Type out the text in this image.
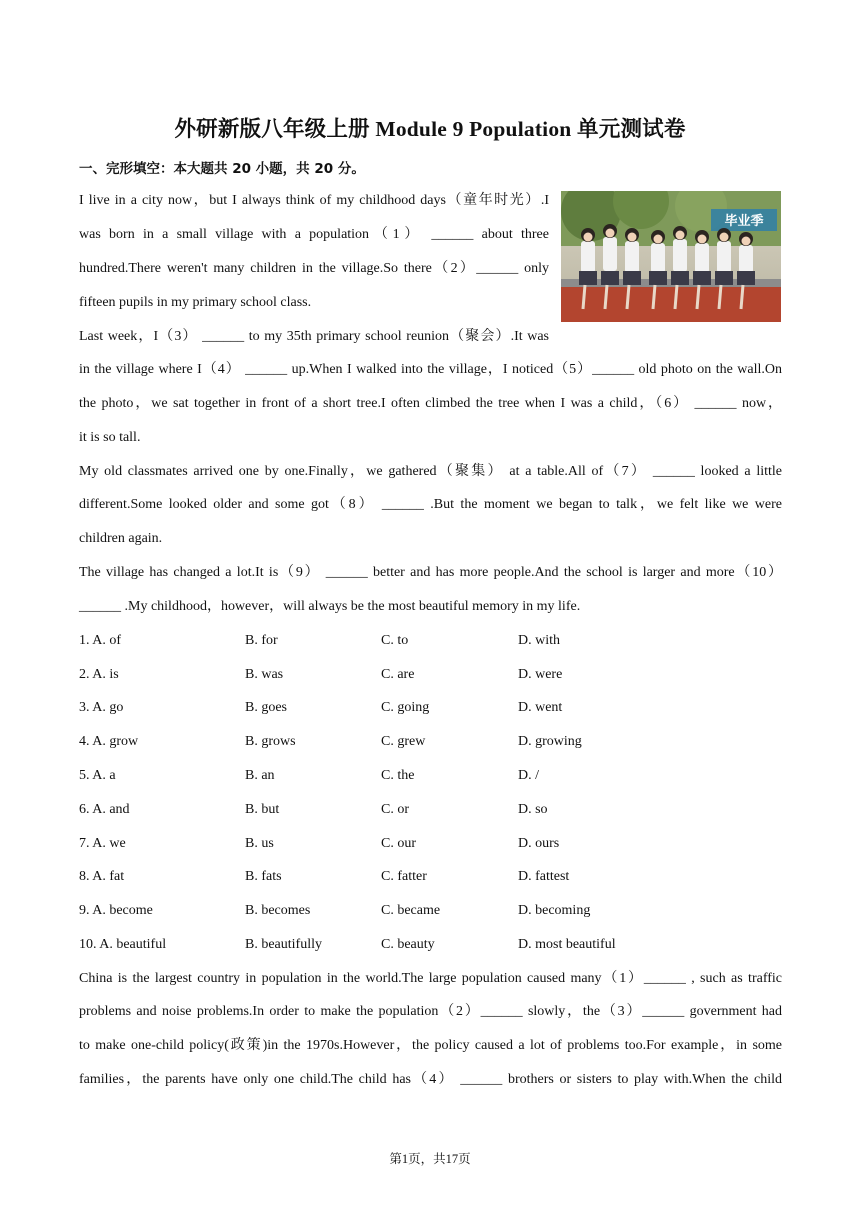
外研新版八年级上册 Module 9 Population 单元测试卷
一、完形填空：本大题共 20 小题，共 20 分。
毕业季
I live in a city now，but I always think of my childhood days（童年时光）.I
was born in a small village with a population（1） ______ about three
hundred.There weren't many children in the village.So there（2）______ only
fifteen pupils in my primary school class.
Last week，I（3） ______ to my 35th primary school reunion（聚会）.It was
in the village where I（4） ______ up.When I walked into the village，I noticed（5）______ old photo on the wall.On
the photo，we sat together in front of a short tree.I often climbed the tree when I was a child，（6） ______ now，
it is so tall.
My old classmates arrived one by one.Finally，we gathered（聚集） at a table.All of（7） ______ looked a little
different.Some looked older and some got（8） ______ .But the moment we began to talk，we felt like we were
children again.
The village has changed a lot.It is（9） ______ better and has more people.And the school is larger and more（10）
______ .My childhood，however，will always be the most beautiful memory in my life.
1. A. of	B. for	C. to	D. with
2. A. is	B. was	C. are	D. were
3. A. go	B. goes	C. going	D. went
4. A. grow	B. grows	C. grew	D. growing
5. A. a	B. an	C. the	D. /
6. A. and	B. but	C. or	D. so
7. A. we	B. us	C. our	D. ours
8. A. fat	B. fats	C. fatter	D. fattest
9. A. become	B. becomes	C. became	D. becoming
10. A. beautiful	B. beautifully	C. beauty	D. most beautiful
China is the largest country in population in the world.The large population caused many（1）______ , such as traffic
problems and noise problems.In order to make the population（2）______ slowly，the（3）______ government had
to make one-child policy(政策)in the 1970s.However，the policy caused a lot of problems too.For example，in some
families，the parents have only one child.The child has（4） ______ brothers or sisters to play with.When the child
第1页，共17页
